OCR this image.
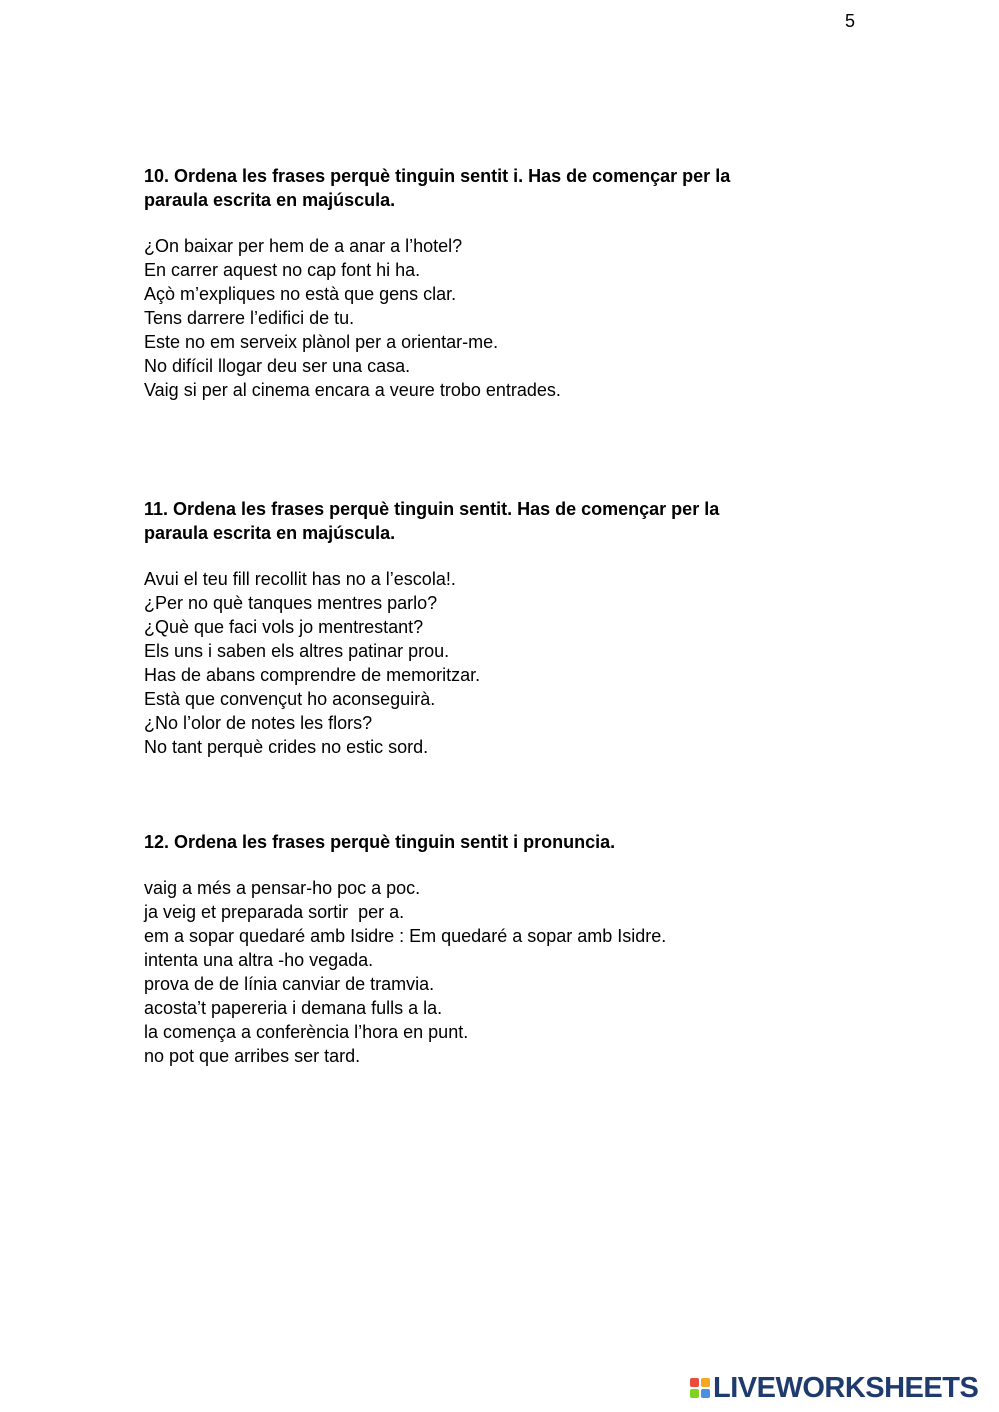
5

10. Ordena les frases perquè tinguin sentit i. Has de començar per la
paraula escrita en majúscula.

¿On baixar per hem de a anar a l’hotel?
En carrer aquest no cap font hi ha.
Açò m’expliques no està que gens clar.
Tens darrere l’edifici de tu.
Este no em serveix plànol per a orientar-me.
No difícil llogar deu ser una casa.
Vaig si per al cinema encara a veure trobo entrades.

11. Ordena les frases perquè tinguin sentit. Has de començar per la
paraula escrita en majúscula.

Avui el teu fill recollit has no a l’escola!.
¿Per no què tanques mentres parlo?
¿Què que faci vols jo mentrestant?
Els uns i saben els altres patinar prou.
Has de abans comprendre de memoritzar.
Està que convençut ho aconseguirà.
¿No l’olor de notes les flors?
No tant perquè crides no estic sord.

12. Ordena les frases perquè tinguin sentit i pronuncia.

vaig a més a pensar-ho poc a poc.
ja veig et preparada sortir  per a.
em a sopar quedaré amb Isidre : Em quedaré a sopar amb Isidre.
intenta una altra -ho vegada.
prova de de línia canviar de tramvia.
acosta’t papereria i demana fulls a la.
la comença a conferència l’hora en punt.
no pot que arribes ser tard.
LIVEWORKSHEETS
